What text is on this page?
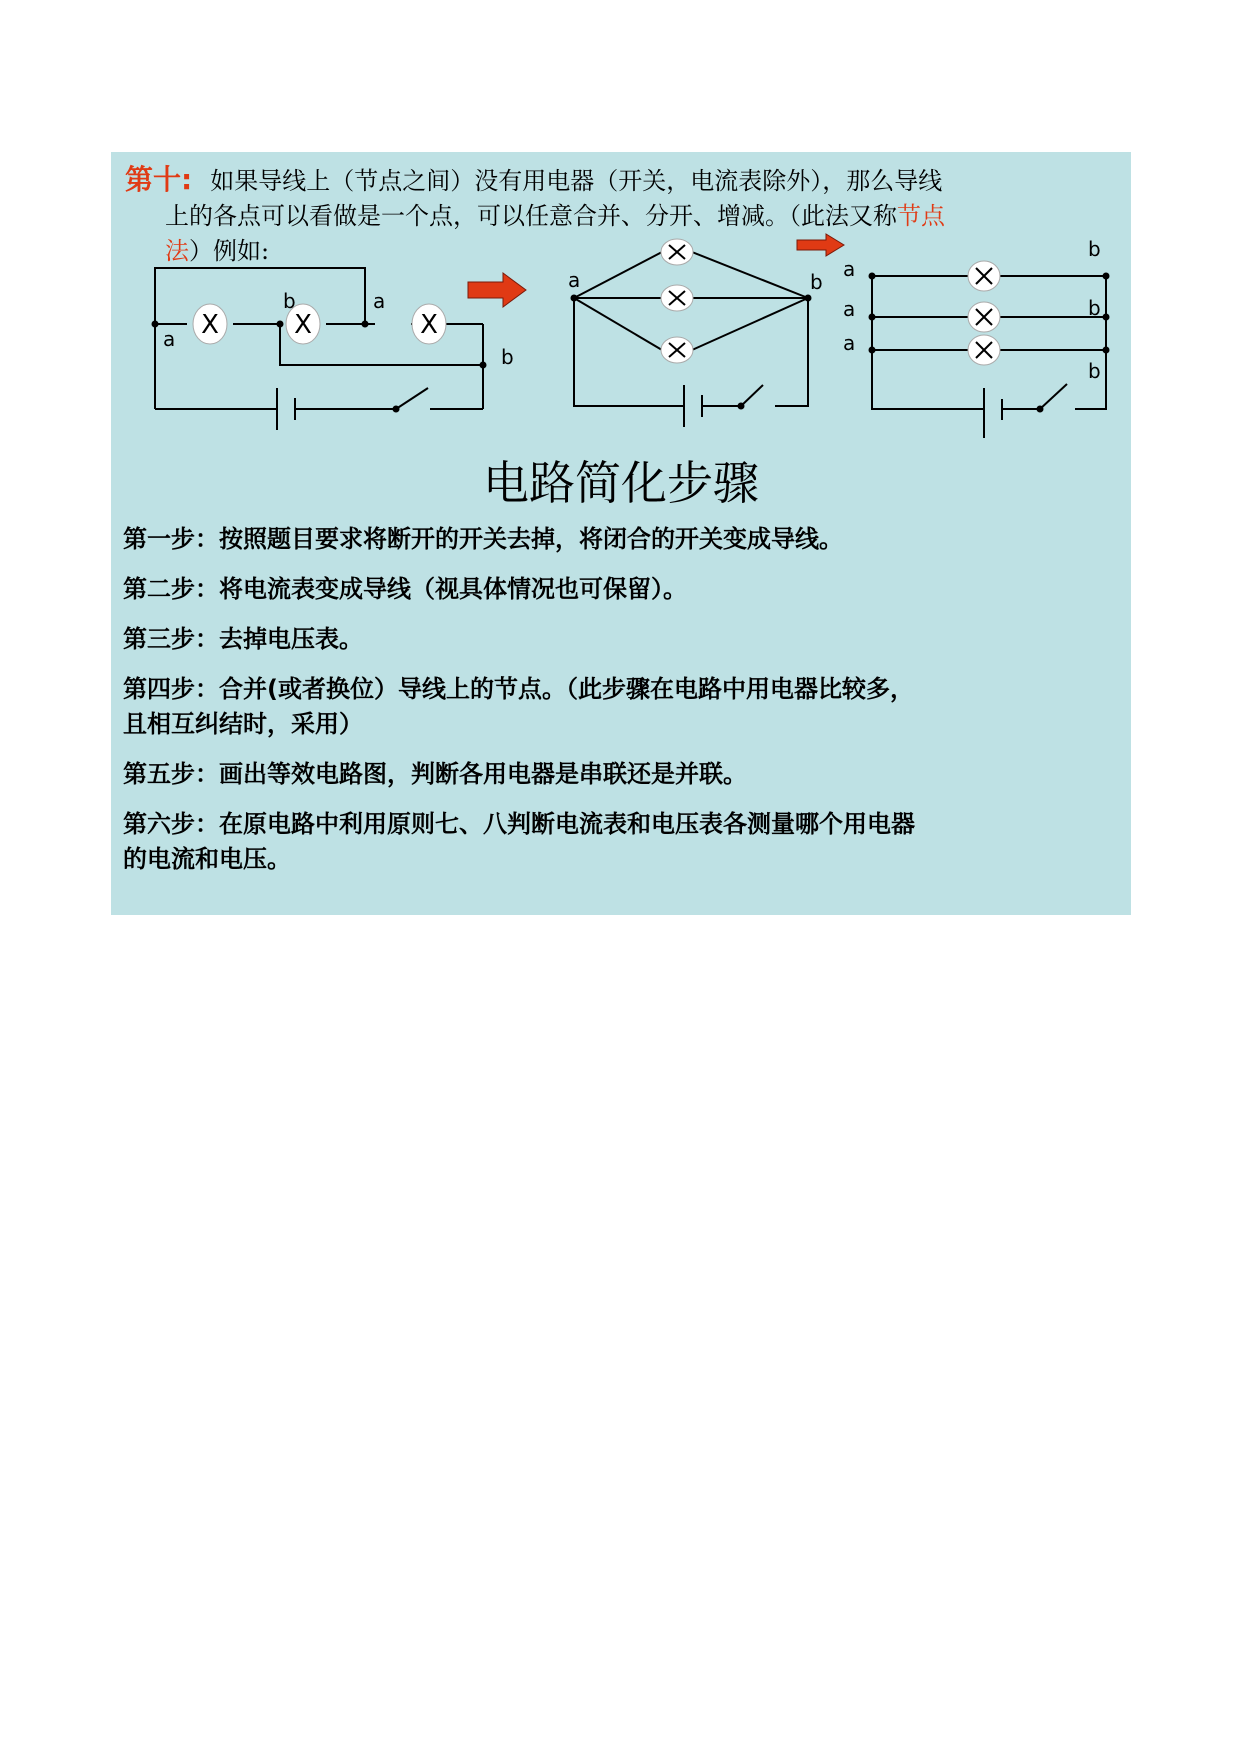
第十: 如果导线上（节点之间）没有用电器（开关，电流表除外），那么导线
上的各点可以看做是一个点，可以任意合并、分开、增减。（此法又称节点
法）例如:
X	X	X
a
b	a
b
a	b
a
a
a
b
b
b
电路简化步骤
第一步：按照题目要求将断开的开关去掉，将闭合的开关变成导线。
第二步：将电流表变成导线（视具体情况也可保留）。
第三步：去掉电压表。
第四步：合并(或者换位）导线上的节点。（此步骤在电路中用电器比较多，
且相互纠结时，采用）
第五步：画出等效电路图，判断各用电器是串联还是并联。
第六步：在原电路中利用原则七、八判断电流表和电压表各测量哪个用电器
的电流和电压。
